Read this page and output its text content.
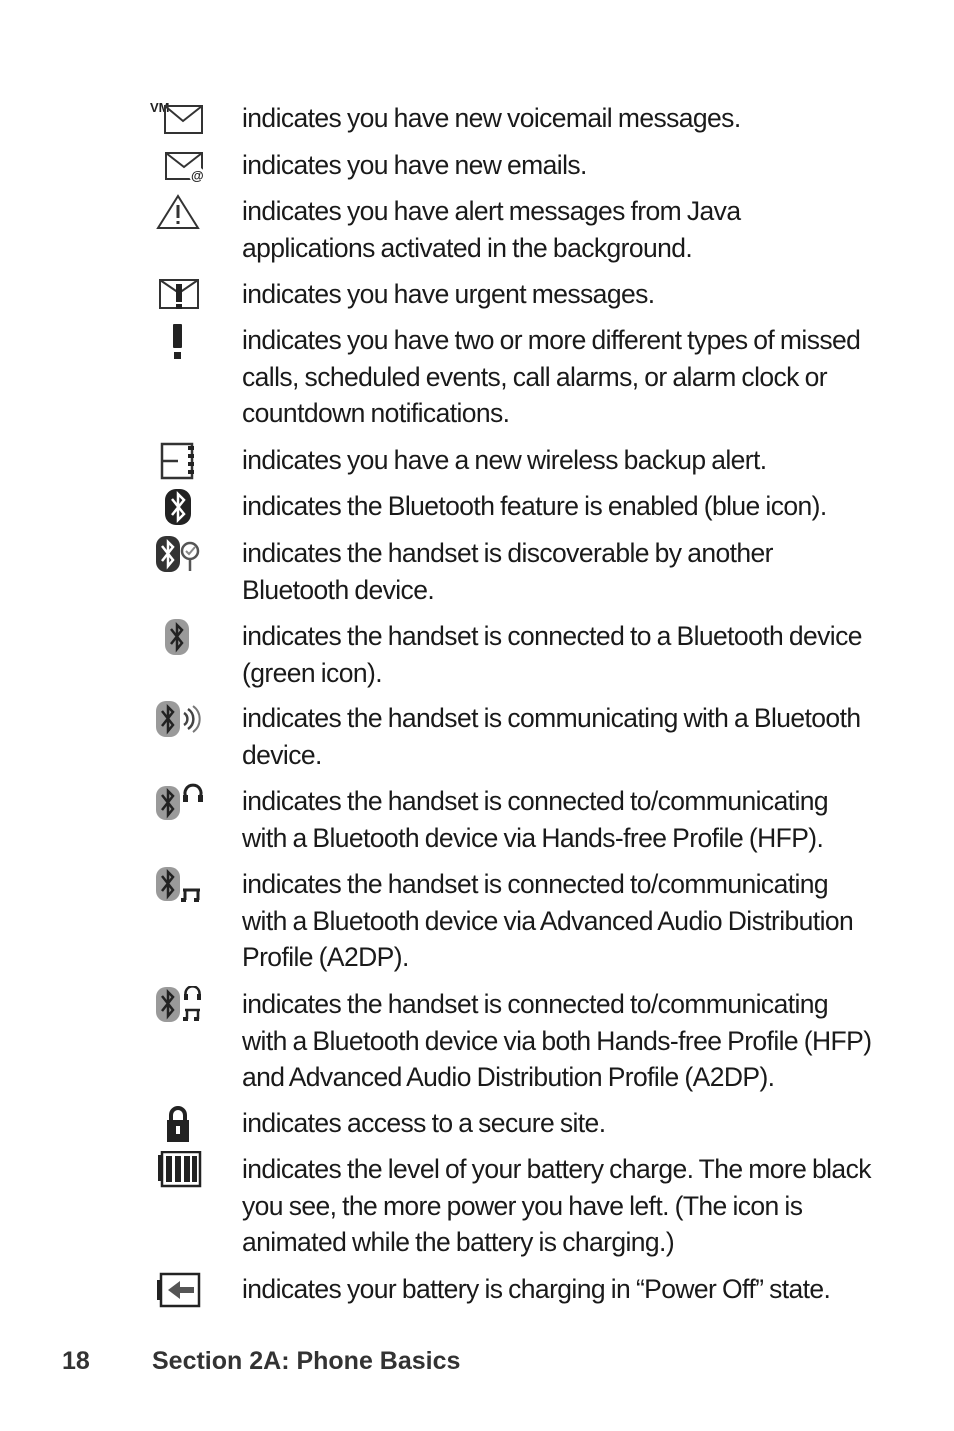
VM	indicates you have new voicemail messages.
@ indicates you have new emails.
indicates you have alert messages from Java applications activated in the background.
indicates you have urgent messages.
indicates you have two or more different types of missed calls, scheduled events, call alarms, or alarm clock or countdown notifications.
indicates you have a new wireless backup alert.
indicates the Bluetooth feature is enabled (blue icon).
indicates the handset is discoverable by another Bluetooth device.
indicates the handset is connected to a Bluetooth device (green icon).
indicates the handset is communicating with a Bluetooth device.
indicates the handset is connected to/communicating with a Bluetooth device via Hands-free Profile (HFP).
indicates the handset is connected to/communicating with a Bluetooth device via Advanced Audio Distribution Profile (A2DP).
indicates the handset is connected to/communicating with a Bluetooth device via both Hands-free Profile (HFP) and Advanced Audio Distribution Profile (A2DP).
indicates access to a secure site.
indicates the level of your battery charge. The more black you see, the more power you have left. (The icon is animated while the battery is charging.)
indicates your battery is charging in “Power Off” state.
18 Section 2A: Phone Basics
